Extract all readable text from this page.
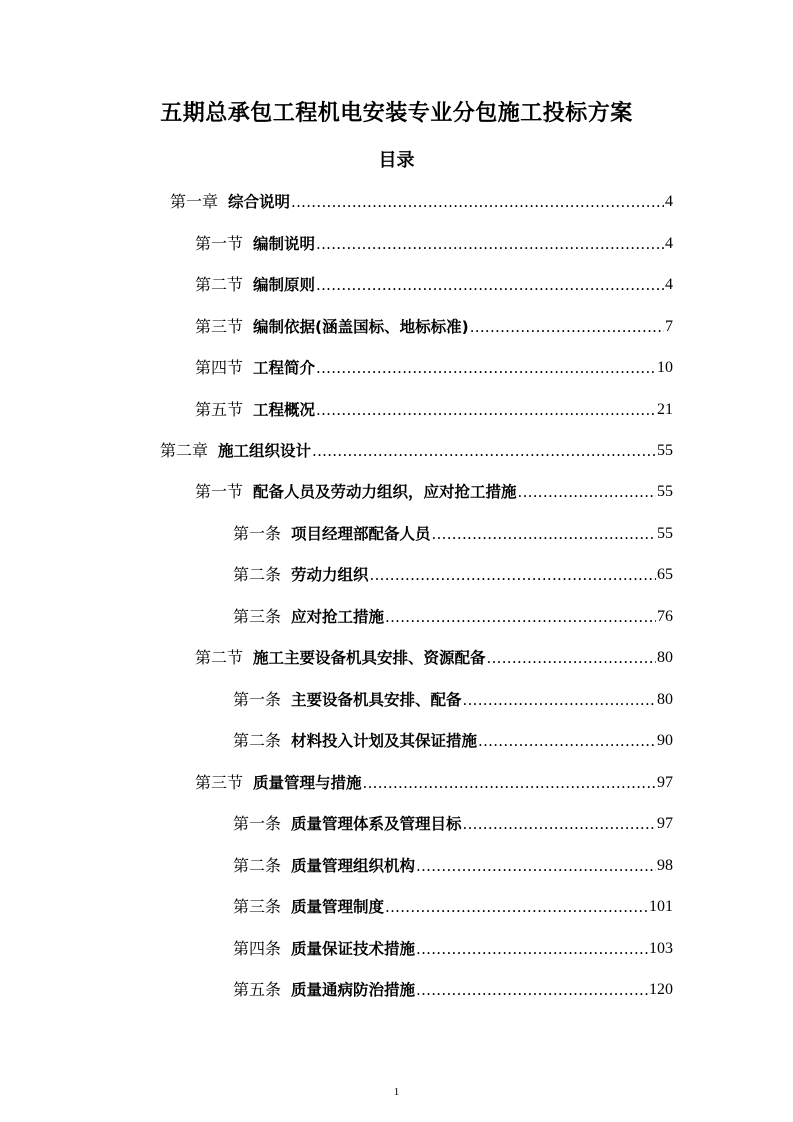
五期总承包工程机电安装专业分包施工投标方案
目录
第一章 综合说明 .....	4
第一节 编制说明 .....	4
第二节 编制原则 .....	4
第三节 编制依据(涵盖国标、地标标准) .....	7
第四节 工程简介 .....	10
第五节 工程概况 .....	21
第二章 施工组织设计 .....	55
第一节 配备人员及劳动力组织，应对抢工措施 .....	55
第一条 项目经理部配备人员 .....	55
第二条 劳动力组织 .....	65
第三条 应对抢工措施 .....	76
第二节 施工主要设备机具安排、资源配备 .....	80
第一条 主要设备机具安排、配备 .....	80
第二条 材料投入计划及其保证措施 .....	90
第三节 质量管理与措施 .....	97
第一条 质量管理体系及管理目标 .....	97
第二条 质量管理组织机构 .....	98
第三条 质量管理制度 .....	101
第四条 质量保证技术措施 .....	103
第五条 质量通病防治措施 .....	120
1
